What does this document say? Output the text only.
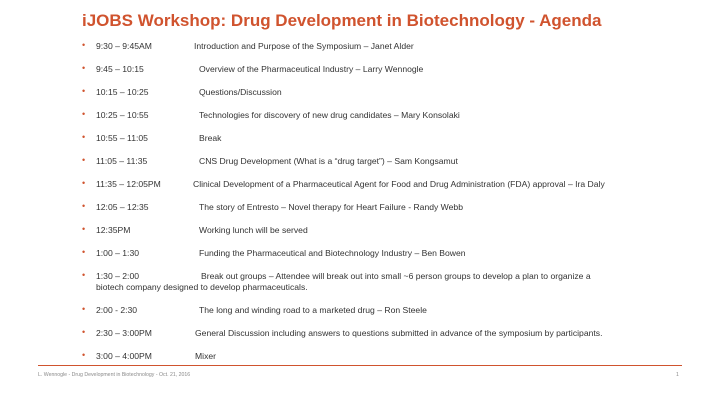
iJOBS Workshop: Drug Development in Biotechnology - Agenda
• 9:30 – 9:45AM	Introduction and Purpose of the Symposium – Janet Alder
• 9:45 – 10:15	Overview of the Pharmaceutical Industry – Larry Wennogle
• 10:15 – 10:25	Questions/Discussion
• 10:25 – 10:55	Technologies for discovery of new drug candidates – Mary Konsolaki
• 10:55 – 11:05	Break
• 11:05 – 11:35	CNS Drug Development (What is a “drug target”) – Sam Kongsamut
• 11:35 – 12:05PM	Clinical Development of a Pharmaceutical Agent for Food and Drug Administration (FDA) approval – Ira Daly
• 12:05 – 12:35	The story of Entresto – Novel therapy for Heart Failure - Randy Webb
• 12:35PM	Working lunch will be served
• 1:00 – 1:30	Funding the Pharmaceutical and Biotechnology Industry – Ben Bowen
• 1:30 – 2:00	Break out groups – Attendee will break out into small ~6 person groups to develop a plan to organize a
biotech company designed to develop pharmaceuticals.
• 2:00 - 2:30	The long and winding road to a marketed drug – Ron Steele
• 2:30 – 3:00PM	General Discussion including answers to questions submitted in advance of the symposium by participants.
• 3:00 – 4:00PM	Mixer
L. Wennogle - Drug Development in Biotechnology - Oct. 21, 2016	1
